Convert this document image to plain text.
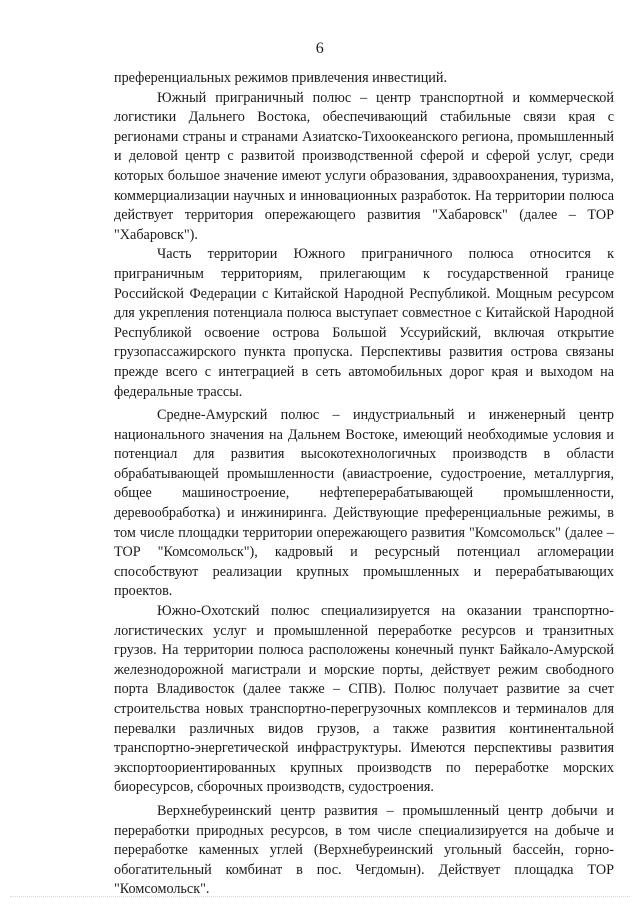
6

преференциальных режимов привлечения инвестиций.

Южный приграничный полюс – центр транспортной и коммерческой логистики Дальнего Востока, обеспечивающий стабильные связи края с регионами страны и странами Азиатско-Тихоокеанского региона, промышленный и деловой центр с развитой производственной сферой и сферой услуг, среди которых большое значение имеют услуги образования, здравоохранения, туризма, коммерциализации научных и инновационных разработок. На территории полюса действует территория опережающего развития "Хабаровск" (далее – ТОР "Хабаровск").

Часть территории Южного приграничного полюса относится к приграничным территориям, прилегающим к государственной границе Российской Федерации с Китайской Народной Республикой. Мощным ресурсом для укрепления потенциала полюса выступает совместное с Китайской Народной Республикой освоение острова Большой Уссурийский, включая открытие грузопассажирского пункта пропуска. Перспективы развития острова связаны прежде всего с интеграцией в сеть автомобильных дорог края и выходом на федеральные трассы.

Средне-Амурский полюс – индустриальный и инженерный центр национального значения на Дальнем Востоке, имеющий необходимые условия и потенциал для развития высокотехнологичных производств в области обрабатывающей промышленности (авиастроение, судостроение, металлургия, общее машиностроение, нефтеперерабатывающей промышленности, деревообработка) и инжиниринга. Действующие преференциальные режимы, в том числе площадки территории опережающего развития "Комсомольск" (далее – ТОР "Комсомольск"), кадровый и ресурсный потенциал агломерации способствуют реализации крупных промышленных и перерабатывающих проектов.

Южно-Охотский полюс специализируется на оказании транспортно-логистических услуг и промышленной переработке ресурсов и транзитных грузов. На территории полюса расположены конечный пункт Байкало-Амурской железнодорожной магистрали и морские порты, действует режим свободного порта Владивосток (далее также – СПВ). Полюс получает развитие за счет строительства новых транспортно-перегрузочных комплексов и терминалов для перевалки различных видов грузов, а также развития континентальной транспортно-энергетической инфраструктуры. Имеются перспективы развития экспортоориентированных крупных производств по переработке морских биоресурсов, сборочных производств, судостроения.

Верхнебуреинский центр развития – промышленный центр добычи и переработки природных ресурсов, в том числе специализируется на добыче и переработке каменных углей (Верхнебуреинский угольный бассейн, горно-обогатительный комбинат в пос. Чегдомын). Действует площадка ТОР "Комсомольск".
